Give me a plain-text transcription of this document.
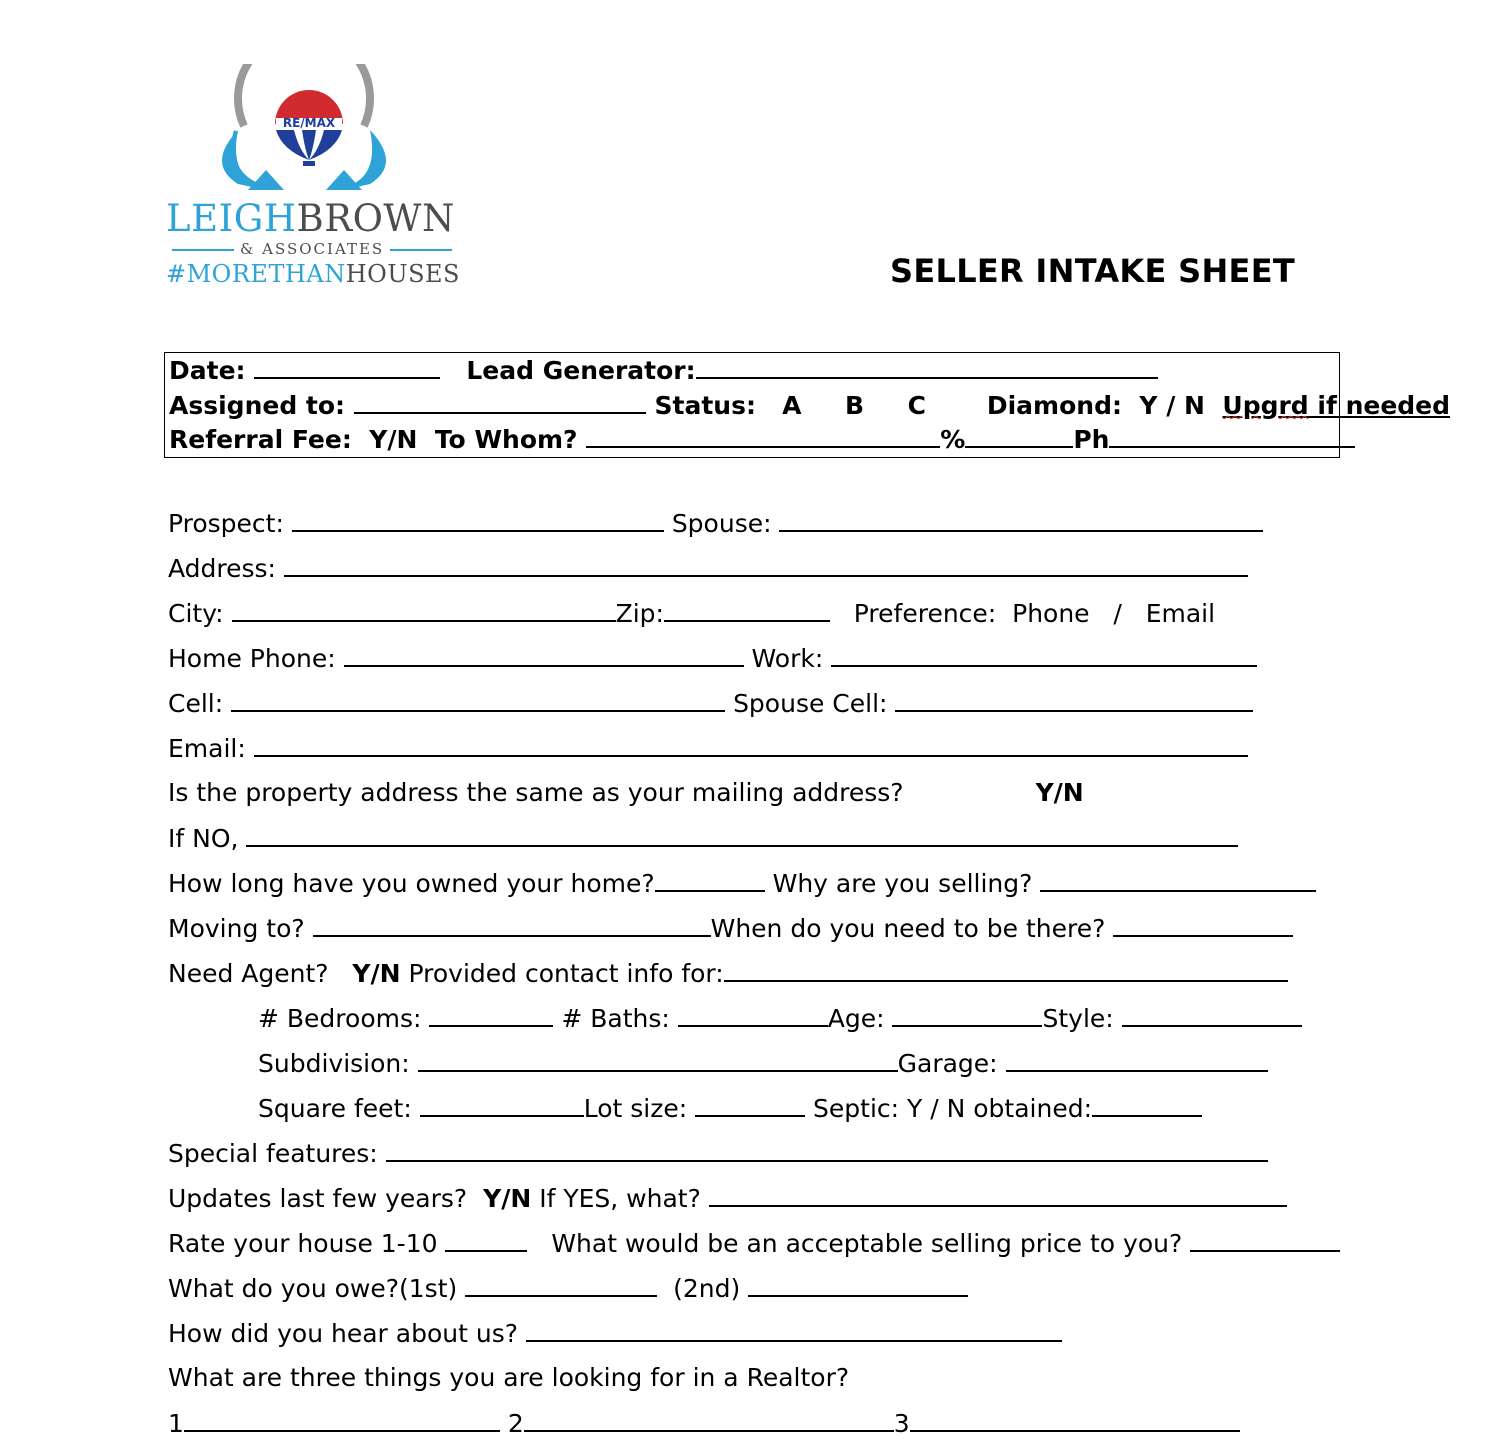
RE/MAX
LEIGHBROWN
& ASSOCIATES
#MORETHANHOUSES	SELLER INTAKE SHEET
Date:	Lead Generator:
Assigned to:	Status: A B C Diamond: Y / N Upgrd if needed
Referral Fee: Y/N To Whom?	%	Ph
Prospect:	Spouse:
Address:
City:	Zip:	Preference: Phone / Email
Home Phone:	Work:
Cell:	Spouse Cell:
Email:
Is the property address the same as your mailing address?	Y/N
If NO,
How long have you owned your home?	Why are you selling?
Moving to?	When do you need to be there?
Need Agent? Y/N Provided contact info for:
# Bedrooms:	# Baths:	Age:	Style:
Subdivision:	Garage:
Square feet:	Lot size:	Septic: Y / N obtained:
Special features:
Updates last few years? Y/N If YES, what?
Rate your house 1-10	What would be an acceptable selling price to you?
What do you owe?(1st)	(2nd)
How did you hear about us?
What are three things you are looking for in a Realtor?
1	2	3
